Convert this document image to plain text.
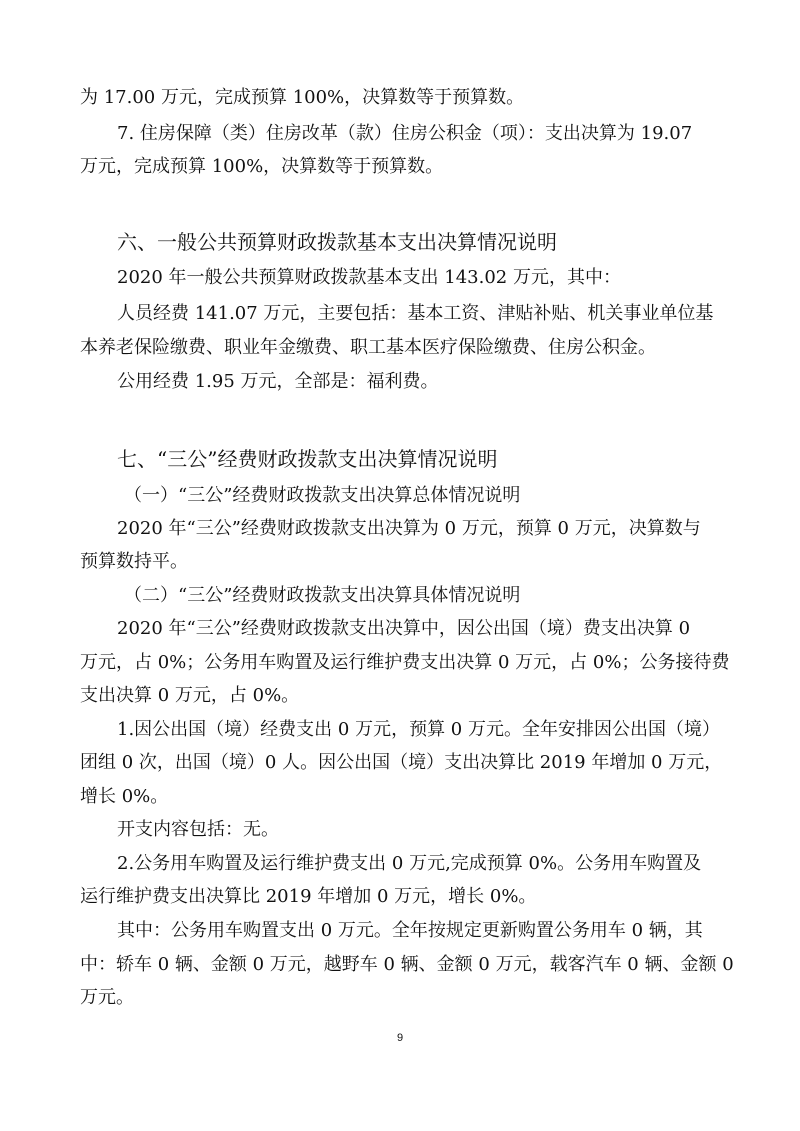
为 17.00 万元，完成预算 100%，决算数等于预算数。
7. 住房保障（类）住房改革（款）住房公积金（项）：支出决算为 19.07
万元，完成预算 100%，决算数等于预算数。
六、一般公共预算财政拨款基本支出决算情况说明
2020 年一般公共预算财政拨款基本支出 143.02 万元，其中：
人员经费 141.07 万元，主要包括：基本工资、津贴补贴、机关事业单位基
本养老保险缴费、职业年金缴费、职工基本医疗保险缴费、住房公积金。
公用经费 1.95 万元，全部是：福利费。
七、“三公”经费财政拨款支出决算情况说明
（一）“三公”经费财政拨款支出决算总体情况说明
2020 年“三公”经费财政拨款支出决算为 0 万元，预算 0 万元，决算数与
预算数持平。
（二）“三公”经费财政拨款支出决算具体情况说明
2020 年“三公”经费财政拨款支出决算中，因公出国（境）费支出决算 0
万元，占 0%；公务用车购置及运行维护费支出决算 0 万元，占 0%；公务接待费
支出决算 0 万元，占 0%。
1.因公出国（境）经费支出 0 万元，预算 0 万元。全年安排因公出国（境）
团组 0 次，出国（境）0 人。因公出国（境）支出决算比 2019 年增加 0 万元，
增长 0%。
开支内容包括：无。
2.公务用车购置及运行维护费支出 0 万元,完成预算 0%。公务用车购置及
运行维护费支出决算比 2019 年增加 0 万元，增长 0%。
其中：公务用车购置支出 0 万元。全年按规定更新购置公务用车 0 辆，其
中：轿车 0 辆、金额 0 万元，越野车 0 辆、金额 0 万元，载客汽车 0 辆、金额 0
万元。
9
